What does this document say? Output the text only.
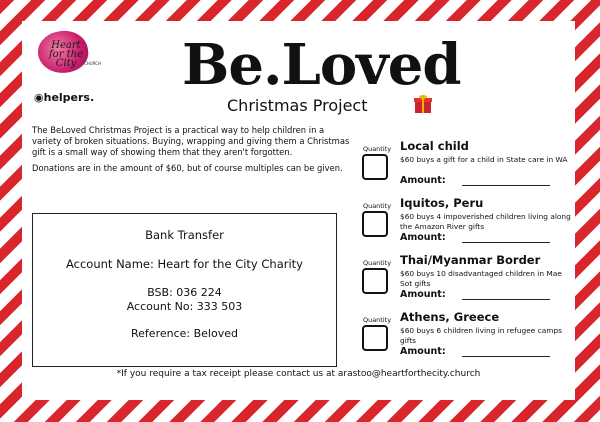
Heart for the City	CHURCH
◉helpers. Be.Loved
Christmas Project

The BeLoved Christmas Project is a practical way to help children in a variety of broken situations. Buying, wrapping and giving them a Christmas gift is a small way of showing them that they aren't forgotten.

Donations are in the amount of $60, but of course multiples can be given.

Bank Transfer
Account Name: Heart for the City Charity
BSB: 036 224
Account No: 333 503
Reference: Beloved
Quantity Local child
$60 buys a gift for a child in State care in WA
Amount:
Quantity Iquitos, Peru
$60 buys 4 impoverished children living along the Amazon River gifts
Amount:
Quantity Thai/Myanmar Border
$60 buys 10 disadvantaged children in Mae Sot gifts
Amount:
Quantity Athens, Greece
$60 buys 6 children living in refugee camps gifts
Amount:
*If you require a tax receipt please contact us at arastoo@heartforthecity.church
